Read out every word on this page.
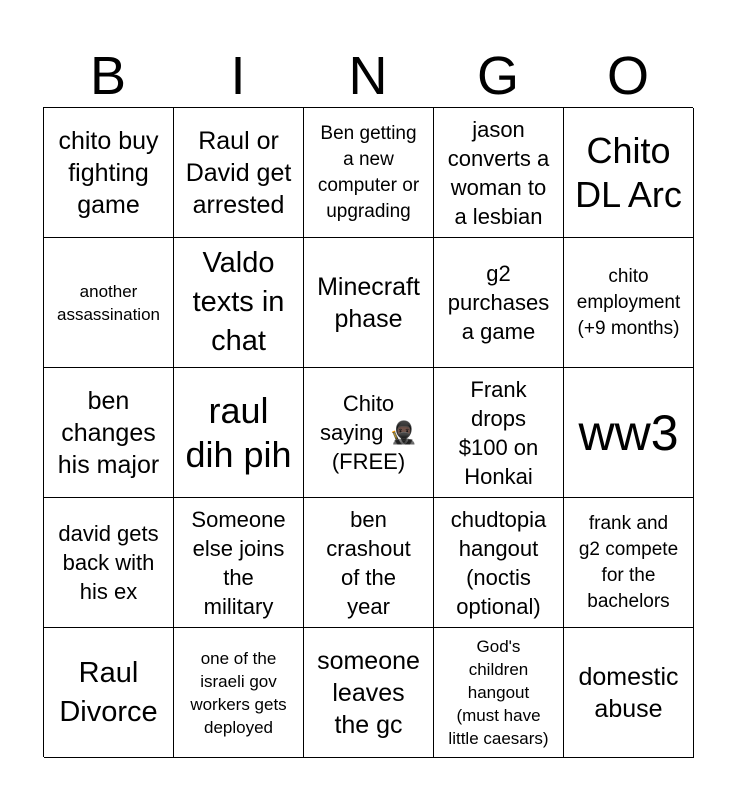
B	I	N	G	O
chito buy
fighting
game
Raul or
David get
arrested
Ben getting
a new
computer or
upgrading
jason
converts a
woman to
a lesbian
Chito
DL Arc
another
assassination
Valdo
texts in
chat
Minecraft
phase
g2
purchases
a game
chito
employment
(+9 months)
ben
changes
his major
raul
dih pih
Chito
saying 🥷🏿
(FREE)
Frank
drops
$100 on
Honkai
ww3
david gets
back with
his ex
Someone
else joins
the
military
ben
crashout
of the
year
chudtopia
hangout
(noctis
optional)
frank and
g2 compete
for the
bachelors
Raul
Divorce
one of the
israeli gov
workers gets
deployed
someone
leaves
the gc
God's
children
hangout
(must have
little caesars)
domestic
abuse
